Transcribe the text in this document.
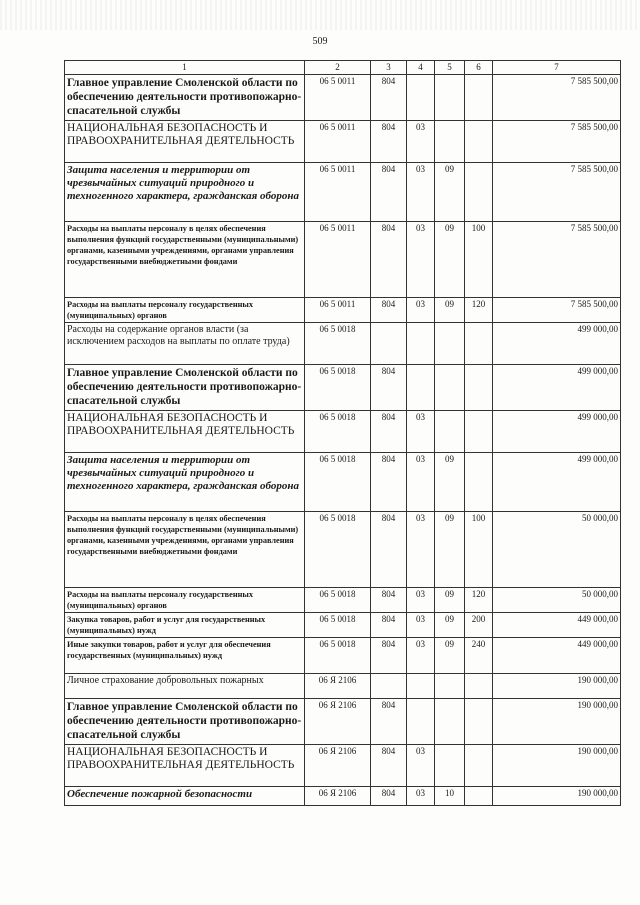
509
1	2	3	4	5	6	7
Главное управление Смоленской области по обеспечению деятельности противопожарно-спасательной службы	06 5 0011	804				7 585 500,00
НАЦИОНАЛЬНАЯ БЕЗОПАСНОСТЬ И ПРАВООХРАНИТЕЛЬНАЯ ДЕЯТЕЛЬНОСТЬ	06 5 0011	804	03			7 585 500,00
Защита населения и территории от чрезвычайных ситуаций природного и техногенного характера, гражданская оборона	06 5 0011	804	03	09		7 585 500,00
Расходы на выплаты персоналу в целях обеспечения выполнения функций государственными (муниципальными) органами, казенными учреждениями, органами управления государственными внебюджетными фондами	06 5 0011	804	03	09	100	7 585 500,00
Расходы на выплаты персоналу государственных (муниципальных) органов	06 5 0011	804	03	09	120	7 585 500,00
Расходы на содержание органов власти (за исключением расходов на выплаты по оплате труда)	06 5 0018					499 000,00
Главное управление Смоленской области по обеспечению деятельности противопожарно-спасательной службы	06 5 0018	804				499 000,00
НАЦИОНАЛЬНАЯ БЕЗОПАСНОСТЬ И ПРАВООХРАНИТЕЛЬНАЯ ДЕЯТЕЛЬНОСТЬ	06 5 0018	804	03			499 000,00
Защита населения и территории от чрезвычайных ситуаций природного и техногенного характера, гражданская оборона	06 5 0018	804	03	09		499 000,00
Расходы на выплаты персоналу в целях обеспечения выполнения функций государственными (муниципальными) органами, казенными учреждениями, органами управления государственными внебюджетными фондами	06 5 0018	804	03	09	100	50 000,00
Расходы на выплаты персоналу государственных (муниципальных) органов	06 5 0018	804	03	09	120	50 000,00
Закупка товаров, работ и услуг для государственных (муниципальных) нужд	06 5 0018	804	03	09	200	449 000,00
Иные закупки товаров, работ и услуг для обеспечения государственных (муниципальных) нужд	06 5 0018	804	03	09	240	449 000,00
Личное страхование добровольных пожарных	06 Я 2106					190 000,00
Главное управление Смоленской области по обеспечению деятельности противопожарно-спасательной службы	06 Я 2106	804				190 000,00
НАЦИОНАЛЬНАЯ БЕЗОПАСНОСТЬ И ПРАВООХРАНИТЕЛЬНАЯ ДЕЯТЕЛЬНОСТЬ	06 Я 2106	804	03			190 000,00
Обеспечение пожарной безопасности	06 Я 2106	804	03	10		190 000,00
